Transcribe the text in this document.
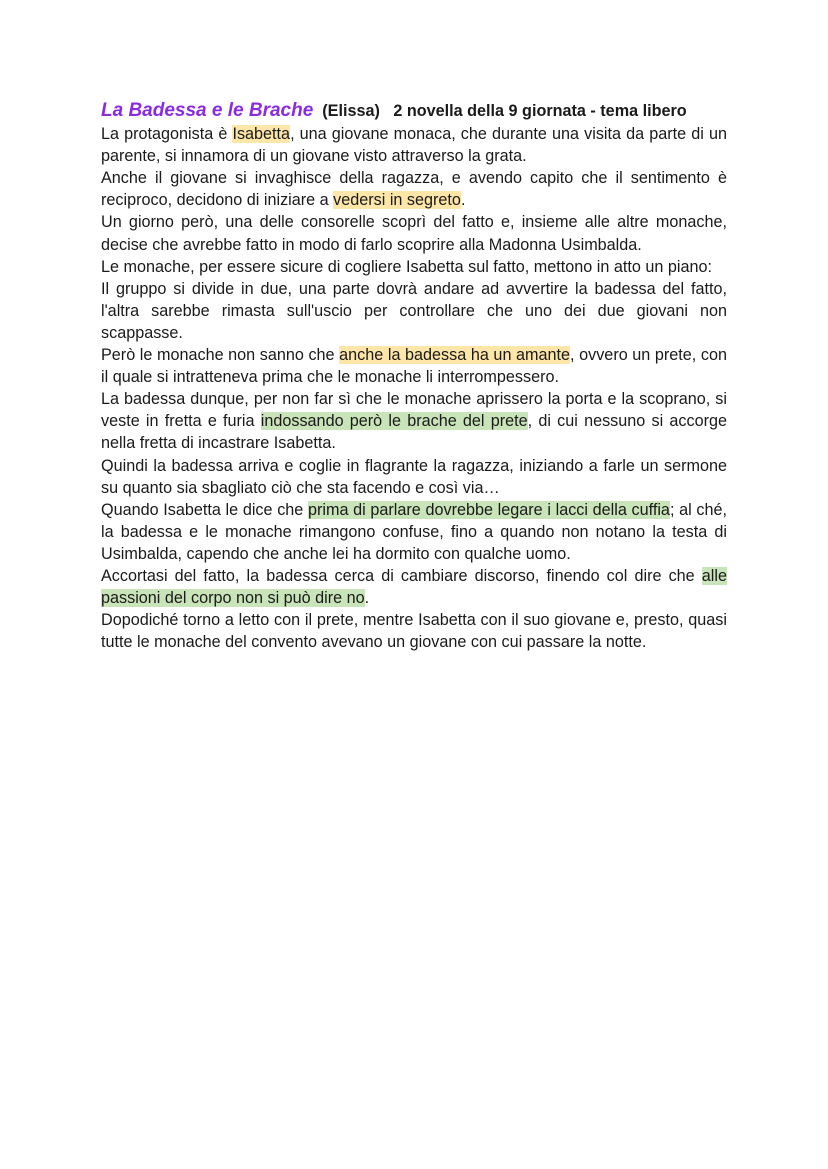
La Badessa e le Brache (Elissa) 2 novella della 9 giornata - tema libero

La protagonista è Isabetta, una giovane monaca, che durante una visita da parte di un parente, si innamora di un giovane visto attraverso la grata.

Anche il giovane si invaghisce della ragazza, e avendo capito che il sentimento è reciproco, decidono di iniziare a vedersi in segreto.

Un giorno però, una delle consorelle scoprì del fatto e, insieme alle altre monache, decise che avrebbe fatto in modo di farlo scoprire alla Madonna Usimbalda.

Le monache, per essere sicure di cogliere Isabetta sul fatto, mettono in atto un piano:

Il gruppo si divide in due, una parte dovrà andare ad avvertire la badessa del fatto, l'altra sarebbe rimasta sull'uscio per controllare che uno dei due giovani non scappasse.

Però le monache non sanno che anche la badessa ha un amante, ovvero un prete, con il quale si intratteneva prima che le monache li interrompessero.

La badessa dunque, per non far sì che le monache aprissero la porta e la scoprano, si veste in fretta e furia indossando però le brache del prete, di cui nessuno si accorge nella fretta di incastrare Isabetta.

Quindi la badessa arriva e coglie in flagrante la ragazza, iniziando a farle un sermone su quanto sia sbagliato ciò che sta facendo e così via…

Quando Isabetta le dice che prima di parlare dovrebbe legare i lacci della cuffia; al ché, la badessa e le monache rimangono confuse, fino a quando non notano la testa di Usimbalda, capendo che anche lei ha dormito con qualche uomo.

Accortasi del fatto, la badessa cerca di cambiare discorso, finendo col dire che alle passioni del corpo non si può dire no.

Dopodiché torno a letto con il prete, mentre Isabetta con il suo giovane e, presto, quasi tutte le monache del convento avevano un giovane con cui passare la notte.
